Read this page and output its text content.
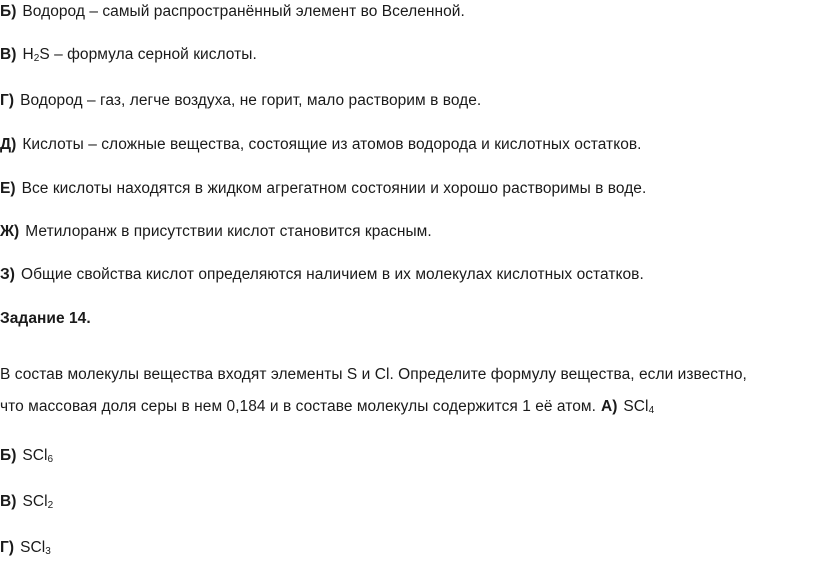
Б) Водород – самый распространённый элемент во Вселенной.
В) $H_2S$ – формула серной кислоты.
Г) Водород – газ, легче воздуха, не горит, мало растворим в воде.
Д) Кислоты – сложные вещества, состоящие из атомов водорода и кислотных остатков.
Е) Все кислоты находятся в жидком агрегатном состоянии и хорошо растворимы в воде.
Ж) Метилоранж в присутствии кислот становится красным.
З) Общие свойства кислот определяются наличием в их молекулах кислотных остатков.
Задание 14.
В состав молекулы вещества входят элементы S и Cl. Определите формулу вещества, если известно,
что массовая доля серы в нем 0,184 и в составе молекулы содержится 1 её атом. А) SCl$_4$
Б) SCl$_6$
В) SCl$_2$
Г) SCl$_3$
